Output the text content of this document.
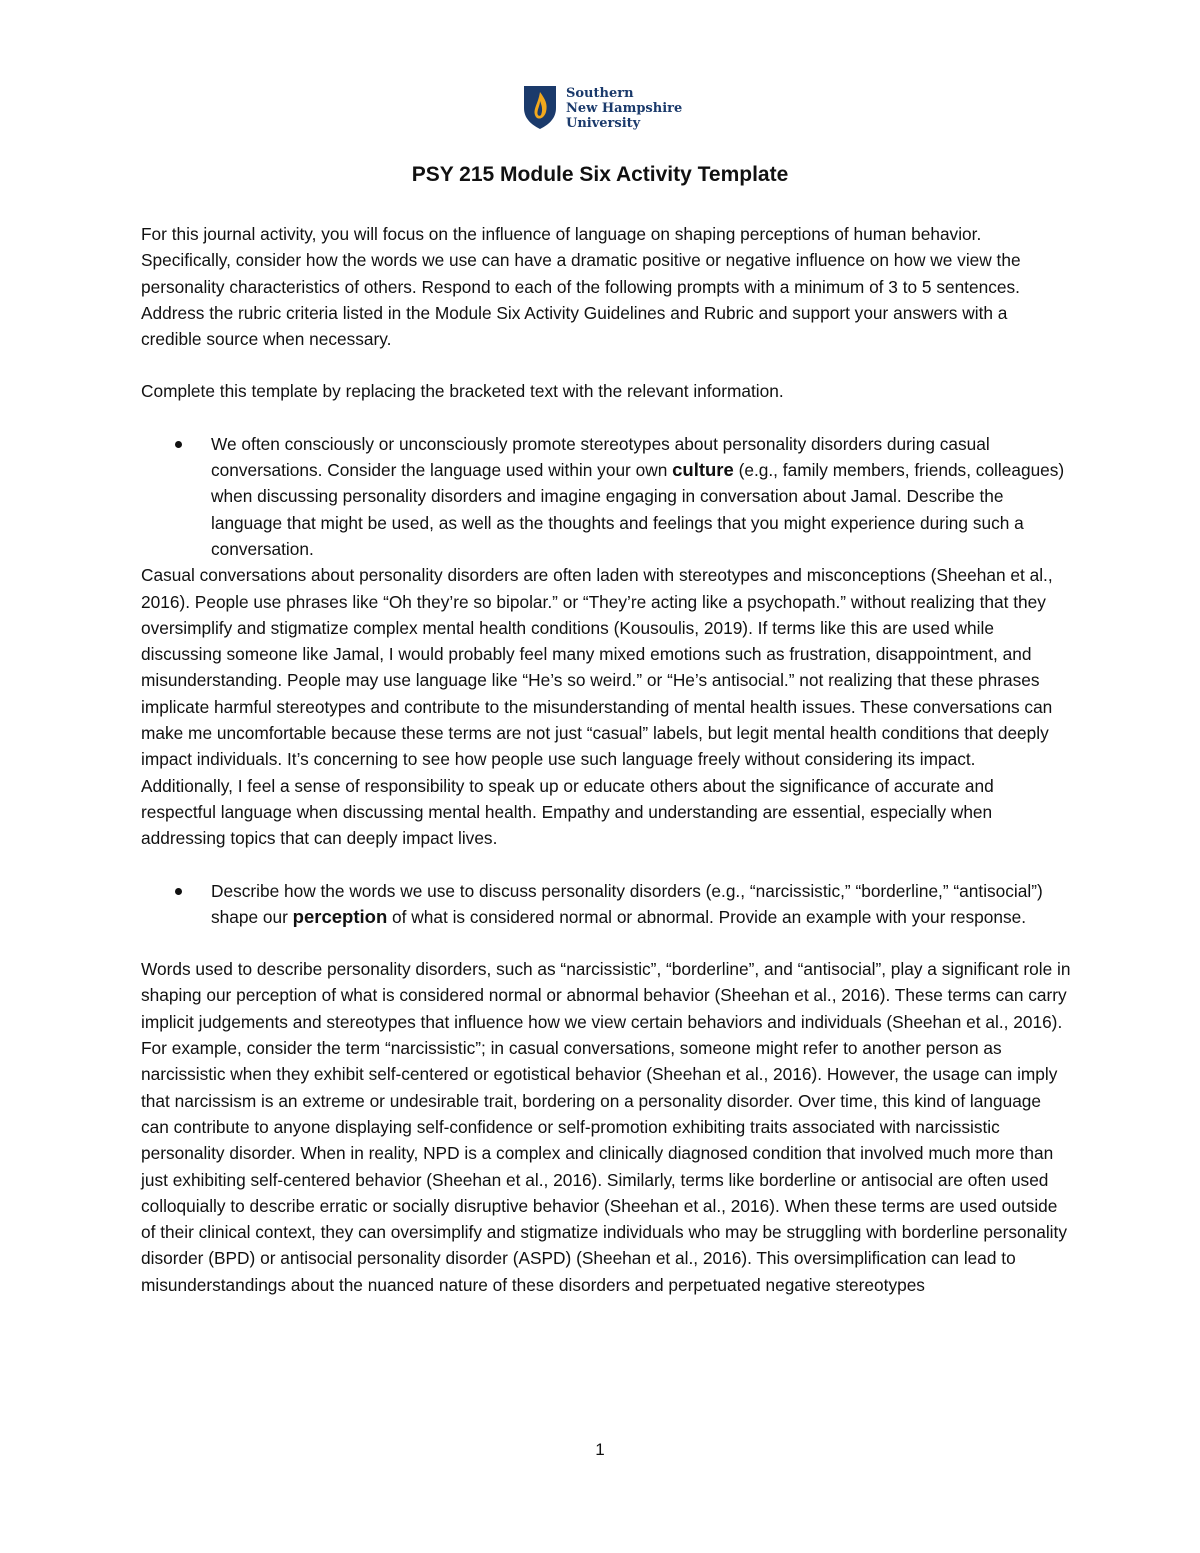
Southern
New Hampshire
University
PSY 215 Module Six Activity Template

For this journal activity, you will focus on the influence of language on shaping perceptions of human behavior. Specifically, consider how the words we use can have a dramatic positive or negative influence on how we view the personality characteristics of others. Respond to each of the following prompts with a minimum of 3 to 5 sentences. Address the rubric criteria listed in the Module Six Activity Guidelines and Rubric and support your answers with a credible source when necessary.

Complete this template by replacing the bracketed text with the relevant information.

We often consciously or unconsciously promote stereotypes about personality disorders during casual conversations. Consider the language used within your own culture (e.g., family members, friends, colleagues) when discussing personality disorders and imagine engaging in conversation about Jamal. Describe the language that might be used, as well as the thoughts and feelings that you might experience during such a conversation.

Casual conversations about personality disorders are often laden with stereotypes and misconceptions (Sheehan et al., 2016). People use phrases like “Oh they’re so bipolar.” or “They’re acting like a psychopath.” without realizing that they oversimplify and stigmatize complex mental health conditions (Kousoulis, 2019). If terms like this are used while discussing someone like Jamal, I would probably feel many mixed emotions such as frustration, disappointment, and misunderstanding. People may use language like “He’s so weird.” or “He’s antisocial.” not realizing that these phrases implicate harmful stereotypes and contribute to the misunderstanding of mental health issues. These conversations can make me uncomfortable because these terms are not just “casual” labels, but legit mental health conditions that deeply impact individuals. It’s concerning to see how people use such language freely without considering its impact. Additionally, I feel a sense of responsibility to speak up or educate others about the significance of accurate and respectful language when discussing mental health. Empathy and understanding are essential, especially when addressing topics that can deeply impact lives.

Describe how the words we use to discuss personality disorders (e.g., “narcissistic,” “borderline,” “antisocial”) shape our perception of what is considered normal or abnormal. Provide an example with your response.

Words used to describe personality disorders, such as “narcissistic”, “borderline”, and “antisocial”, play a significant role in shaping our perception of what is considered normal or abnormal behavior (Sheehan et al., 2016). These terms can carry implicit judgements and stereotypes that influence how we view certain behaviors and individuals (Sheehan et al., 2016). For example, consider the term “narcissistic”; in casual conversations, someone might refer to another person as narcissistic when they exhibit self-centered or egotistical behavior (Sheehan et al., 2016). However, the usage can imply that narcissism is an extreme or undesirable trait, bordering on a personality disorder. Over time, this kind of language can contribute to anyone displaying self-confidence or self-promotion exhibiting traits associated with narcissistic personality disorder. When in reality, NPD is a complex and clinically diagnosed condition that involved much more than just exhibiting self-centered behavior (Sheehan et al., 2016). Similarly, terms like borderline or antisocial are often used colloquially to describe erratic or socially disruptive behavior (Sheehan et al., 2016). When these terms are used outside of their clinical context, they can oversimplify and stigmatize individuals who may be struggling with borderline personality disorder (BPD) or antisocial personality disorder (ASPD) (Sheehan et al., 2016). This oversimplification can lead to misunderstandings about the nuanced nature of these disorders and perpetuated negative stereotypes

1
